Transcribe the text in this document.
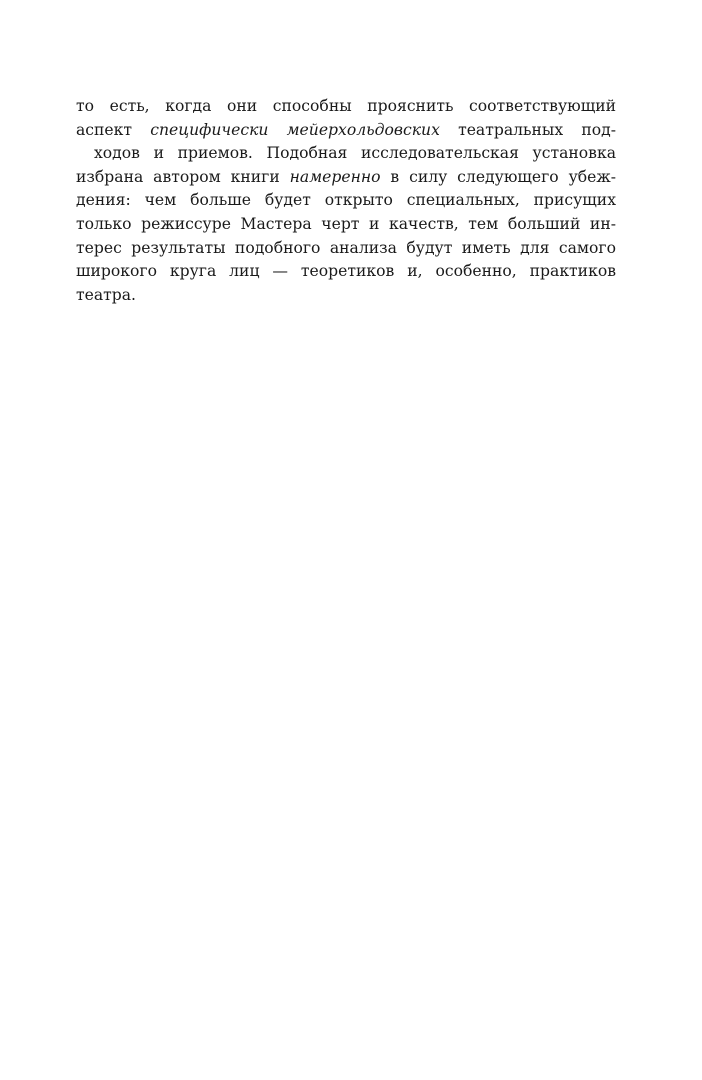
то есть, когда они способны прояснить соответствующий
аспект специфически мейерхольдовских театральных под-
ходов и приемов. Подобная исследовательская установка
избрана автором книги намеренно в силу следующего убеж-
дения: чем больше будет открыто специальных, присущих
только режиссуре Мастера черт и качеств, тем больший ин-
терес результаты подобного анализа будут иметь для самого
широкого круга лиц — теоретиков и, особенно, практиков
театра.
